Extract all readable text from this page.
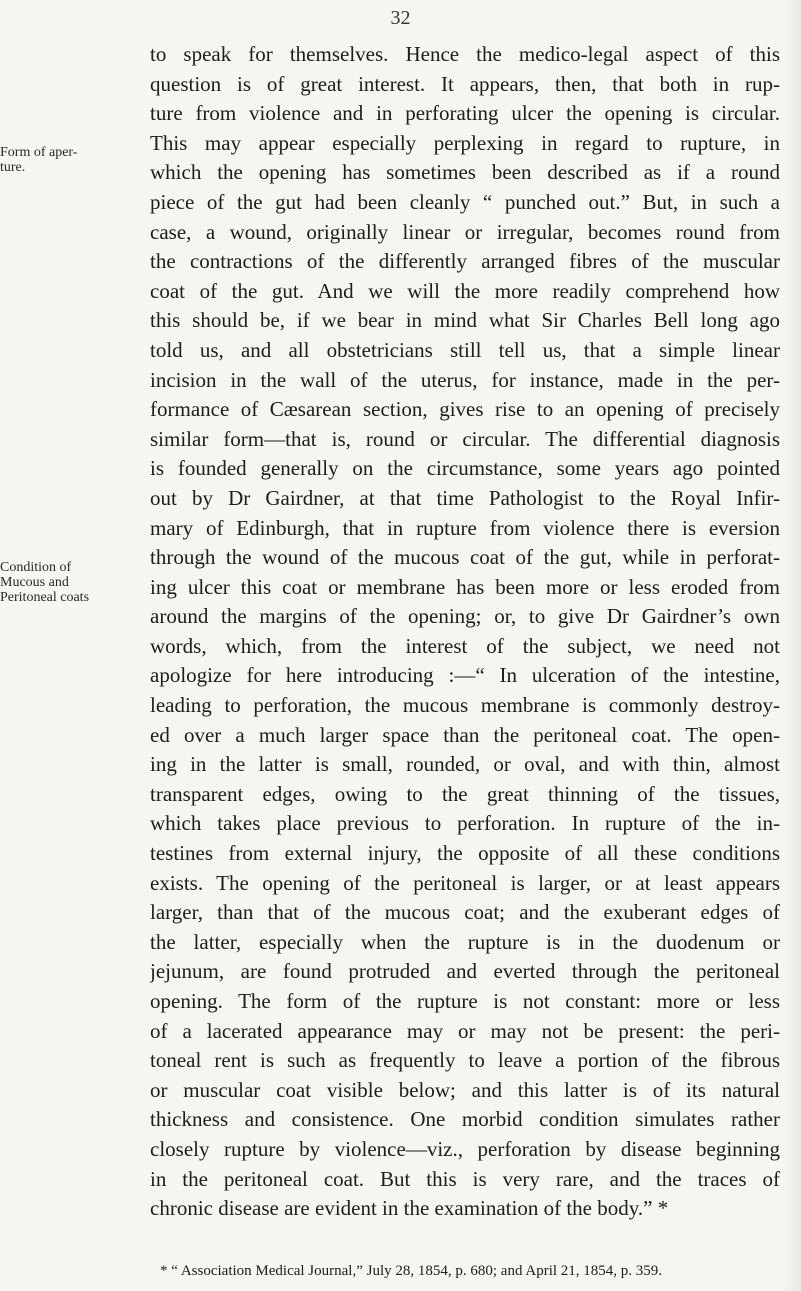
32
Form of aper-
ture.
Condition of
Mucous and
Peritoneal coats
to speak for themselves. Hence the medico-legal aspect of this
question is of great interest. It appears, then, that both in rup-
ture from violence and in perforating ulcer the opening is circular.
This may appear especially perplexing in regard to rupture, in
which the opening has sometimes been described as if a round
piece of the gut had been cleanly “ punched out.” But, in such a
case, a wound, originally linear or irregular, becomes round from
the contractions of the differently arranged fibres of the muscular
coat of the gut. And we will the more readily comprehend how
this should be, if we bear in mind what Sir Charles Bell long ago
told us, and all obstetricians still tell us, that a simple linear
incision in the wall of the uterus, for instance, made in the per-
formance of Cæsarean section, gives rise to an opening of precisely
similar form—that is, round or circular. The differential diagnosis
is founded generally on the circumstance, some years ago pointed
out by Dr Gairdner, at that time Pathologist to the Royal Infir-
mary of Edinburgh, that in rupture from violence there is eversion
through the wound of the mucous coat of the gut, while in perforat-
ing ulcer this coat or membrane has been more or less eroded from
around the margins of the opening; or, to give Dr Gairdner’s own
words, which, from the interest of the subject, we need not
apologize for here introducing :—“ In ulceration of the intestine,
leading to perforation, the mucous membrane is commonly destroy-
ed over a much larger space than the peritoneal coat. The open-
ing in the latter is small, rounded, or oval, and with thin, almost
transparent edges, owing to the great thinning of the tissues,
which takes place previous to perforation. In rupture of the in-
testines from external injury, the opposite of all these conditions
exists. The opening of the peritoneal is larger, or at least appears
larger, than that of the mucous coat; and the exuberant edges of
the latter, especially when the rupture is in the duodenum or
jejunum, are found protruded and everted through the peritoneal
opening. The form of the rupture is not constant: more or less
of a lacerated appearance may or may not be present: the peri-
toneal rent is such as frequently to leave a portion of the fibrous
or muscular coat visible below; and this latter is of its natural
thickness and consistence. One morbid condition simulates rather
closely rupture by violence—viz., perforation by disease beginning
in the peritoneal coat. But this is very rare, and the traces of
chronic disease are evident in the examination of the body.” *
* “ Association Medical Journal,” July 28, 1854, p. 680; and April 21, 1854, p. 359.
